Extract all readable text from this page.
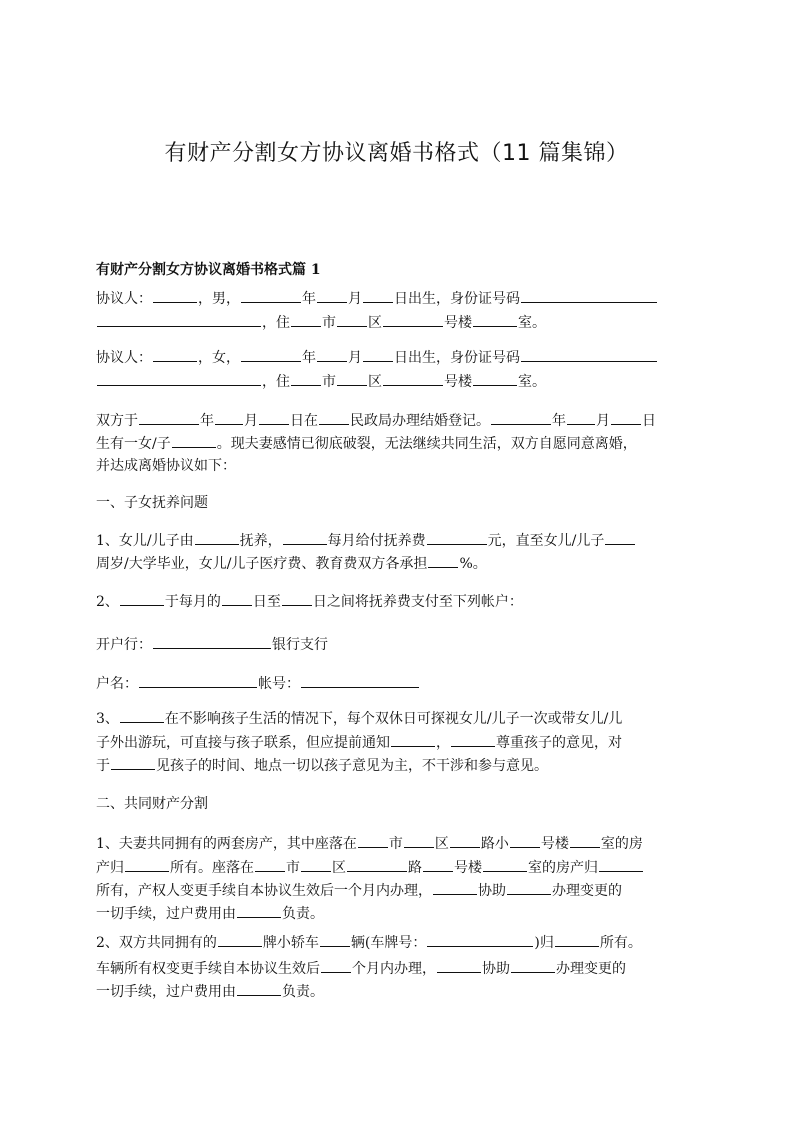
有财产分割女方协议离婚书格式（11 篇集锦）
有财产分割女方协议离婚书格式篇 1
协议人：	，男，	年 月 日出生，身份证号码
，住 市 区	号楼	室。
协议人：	，女，	年 月 日出生，身份证号码
，住 市 区	号楼	室。
双方于	年 月 日在 民政局办理结婚登记。	年 月 日
生有一女/子	。现夫妻感情已彻底破裂，无法继续共同生活，双方自愿同意离婚，
并达成离婚协议如下：
一、子女抚养问题
1、女儿/儿子由	抚养，	每月给付抚养费	元，直至女儿/儿子
周岁/大学毕业，女儿/儿子医疗费、教育费双方各承担 %。
2、	于每月的 日至 日之间将抚养费支付至下列帐户：
开户行：	银行支行
户名：	帐号：
3、	在不影响孩子生活的情况下，每个双休日可探视女儿/儿子一次或带女儿/儿
子外出游玩，可直接与孩子联系，但应提前通知	，	尊重孩子的意见，对
于	见孩子的时间、地点一切以孩子意见为主，不干涉和参与意见。
二、共同财产分割
1、夫妻共同拥有的两套房产，其中座落在 市 区 路小 号楼 室的房
产归	所有。座落在 市 区	路 号楼	室的房产归
所有，产权人变更手续自本协议生效后一个月内办理，	协助	办理变更的
一切手续，过户费用由	负责。
2、双方共同拥有的	牌小轿车 辆(车牌号：	)归	所有。
车辆所有权变更手续自本协议生效后 个月内办理，	协助	办理变更的
一切手续，过户费用由	负责。
